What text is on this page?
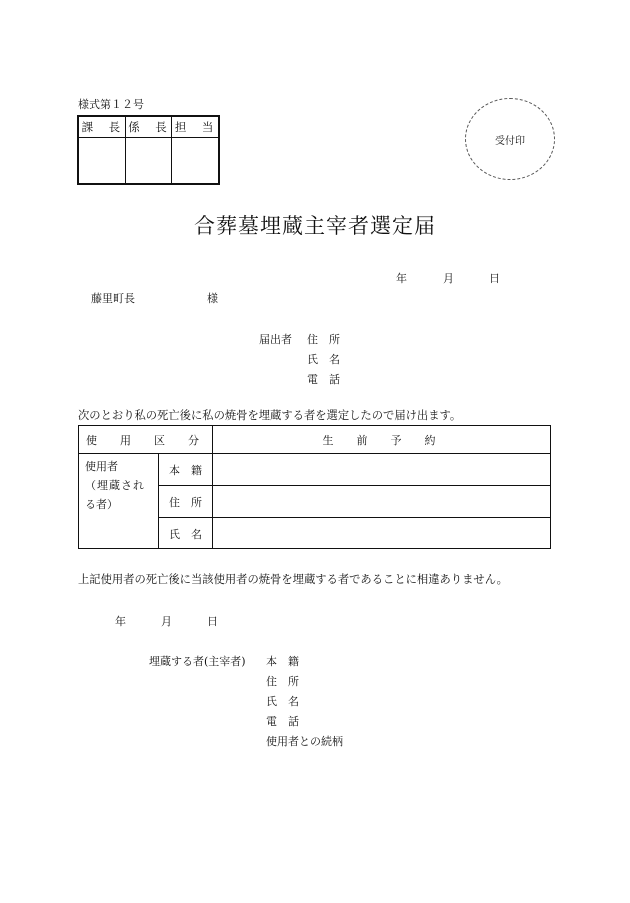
様式第１２号
課　長 係　長 担　当
受付印
合葬墓埋蔵主宰者選定届
年	月	日
藤里町長	様
届出者 住　所
氏　名
電　話
次のとおり私の死亡後に私の焼骨を埋蔵する者を選定したので届け出ます。
使　用　区　分	生　前　予　約
使用者
（埋蔵され
る者）
本　籍
住　所
氏　名
上記使用者の死亡後に当該使用者の焼骨を埋蔵する者であることに相違ありません。
年	月	日
埋蔵する者(主宰者) 本　籍
住　所
氏　名
電　話
使用者との続柄
